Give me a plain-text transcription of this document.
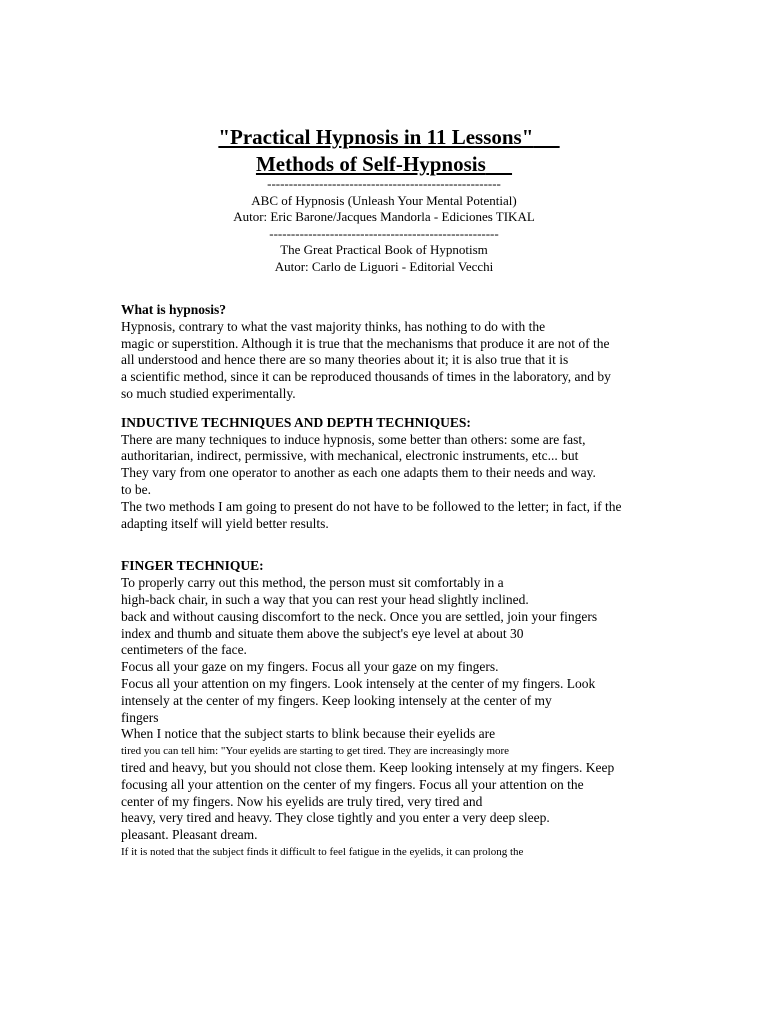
"Practical Hypnosis in 11 Lessons"
Methods of Self-Hypnosis
------------------------------------------------------
ABC of Hypnosis (Unleash Your Mental Potential)
Autor: Eric Barone/Jacques Mandorla - Ediciones TIKAL
-----------------------------------------------------
The Great Practical Book of Hypnotism
Autor: Carlo de Liguori - Editorial Vecchi
What is hypnosis?
Hypnosis, contrary to what the vast majority thinks, has nothing to do with the
magic or superstition. Although it is true that the mechanisms that produce it are not of the
all understood and hence there are so many theories about it; it is also true that it is
a scientific method, since it can be reproduced thousands of times in the laboratory, and by
so much studied experimentally.
INDUCTIVE TECHNIQUES AND DEPTH TECHNIQUES:
There are many techniques to induce hypnosis, some better than others: some are fast,
authoritarian, indirect, permissive, with mechanical, electronic instruments, etc... but
They vary from one operator to another as each one adapts them to their needs and way.
to be.
The two methods I am going to present do not have to be followed to the letter; in fact, if the
adapting itself will yield better results.
FINGER TECHNIQUE:
To properly carry out this method, the person must sit comfortably in a
high-back chair, in such a way that you can rest your head slightly inclined.
back and without causing discomfort to the neck. Once you are settled, join your fingers
index and thumb and situate them above the subject's eye level at about 30
centimeters of the face.
Focus all your gaze on my fingers. Focus all your gaze on my fingers.
Focus all your attention on my fingers. Look intensely at the center of my fingers. Look
intensely at the center of my fingers. Keep looking intensely at the center of my
fingers
When I notice that the subject starts to blink because their eyelids are
tired you can tell him: "Your eyelids are starting to get tired. They are increasingly more
tired and heavy, but you should not close them. Keep looking intensely at my fingers. Keep
focusing all your attention on the center of my fingers. Focus all your attention on the
center of my fingers. Now his eyelids are truly tired, very tired and
heavy, very tired and heavy. They close tightly and you enter a very deep sleep.
pleasant. Pleasant dream.
If it is noted that the subject finds it difficult to feel fatigue in the eyelids, it can prolong the
